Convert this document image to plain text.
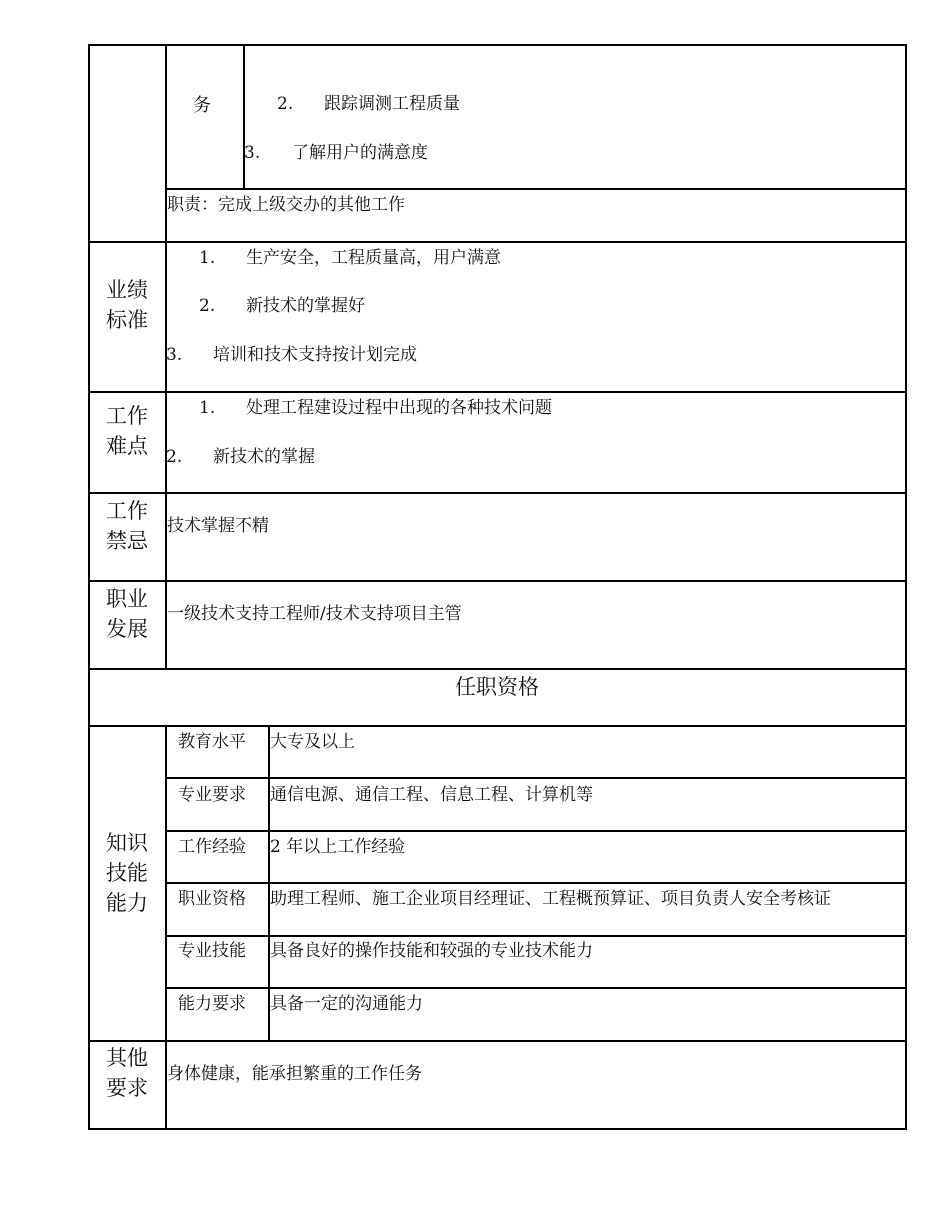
务	2. 跟踪调测工程质量
3. 了解用户的满意度
职责：完成上级交办的其他工作
业绩
标准
1. 生产安全，工程质量高，用户满意
2. 新技术的掌握好
3. 培训和技术支持按计划完成
工作
难点
1. 处理工程建设过程中出现的各种技术问题
2. 新技术的掌握
工作
禁忌
技术掌握不精
职业
发展
一级技术支持工程师/技术支持项目主管
任职资格
知识
技能
能力
教育水平 大专及以上
专业要求 通信电源、通信工程、信息工程、计算机等
工作经验 2 年以上工作经验
职业资格 助理工程师、施工企业项目经理证、工程概预算证、项目负责人安全考核证
专业技能 具备良好的操作技能和较强的专业技术能力
能力要求 具备一定的沟通能力
其他
要求
身体健康，能承担繁重的工作任务
